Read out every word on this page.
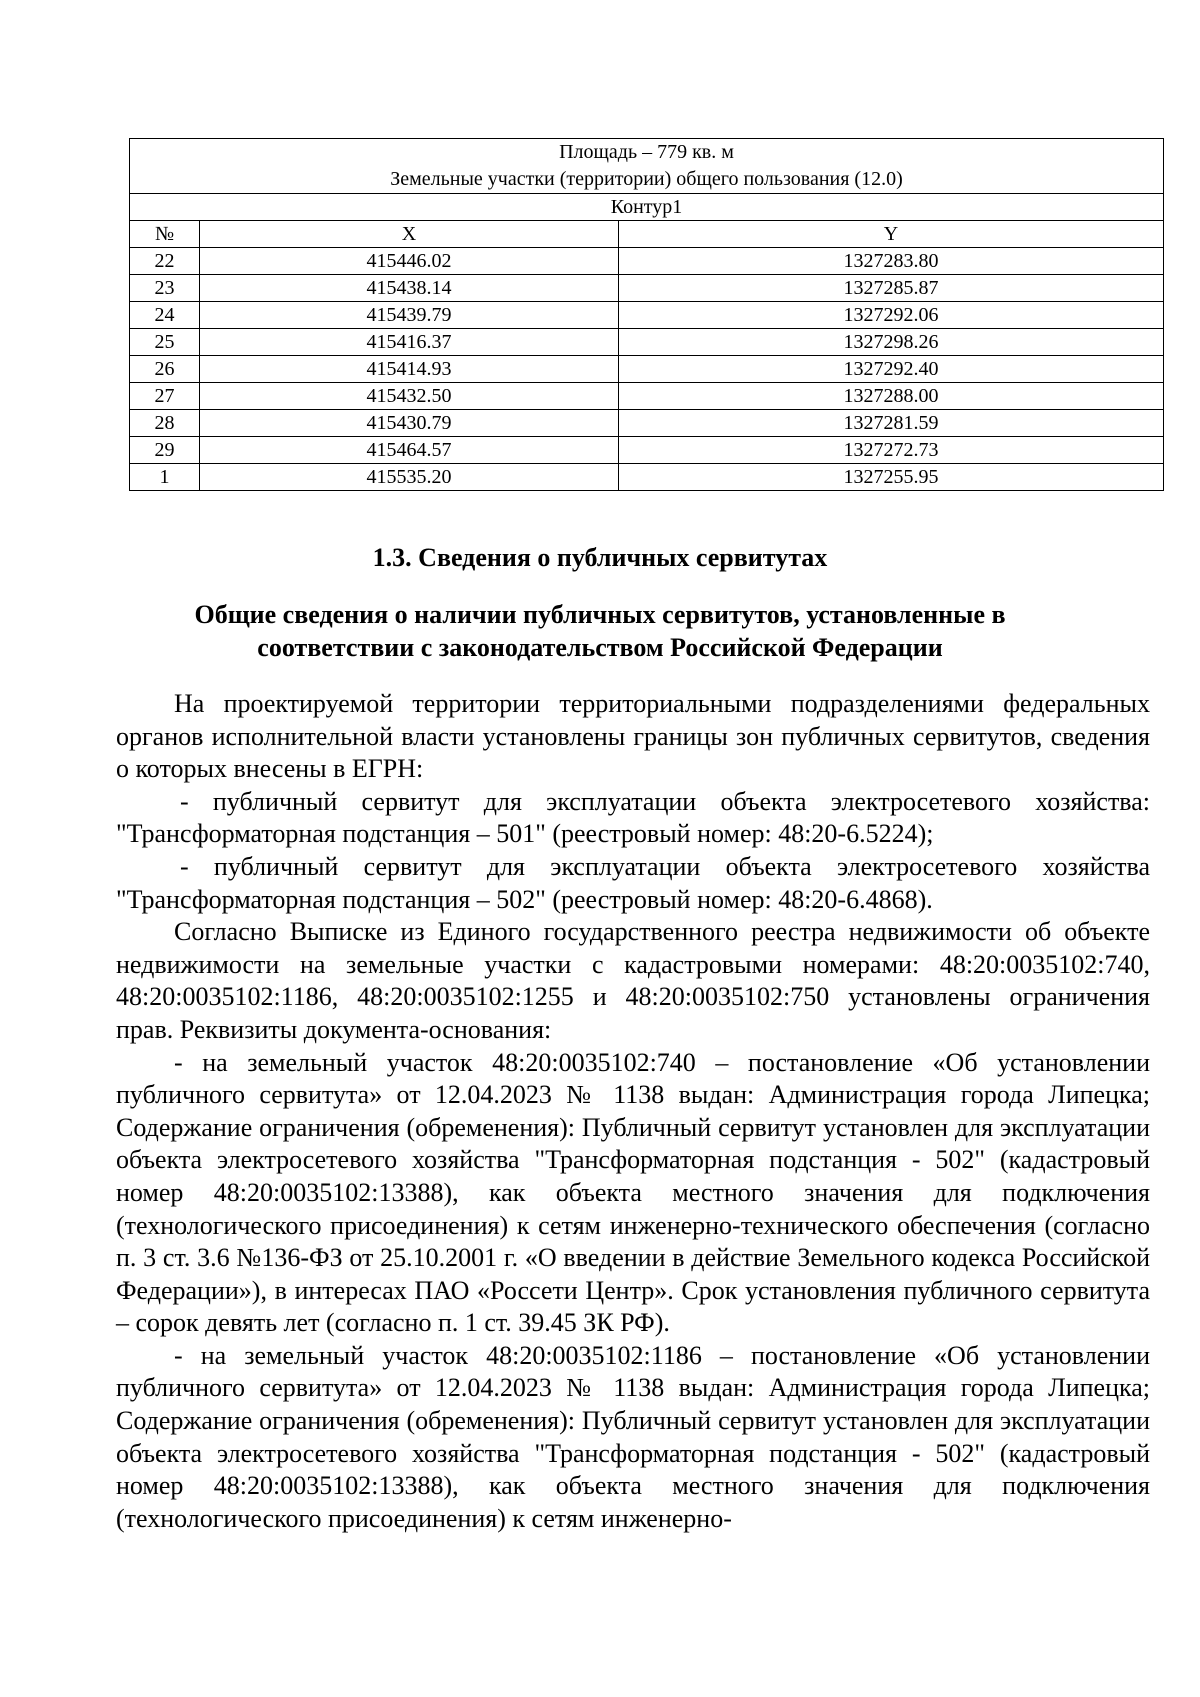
Площадь – 779 кв. м
Земельные участки (территории) общего пользования (12.0)		

Контур1		
№	X	Y
22	415446.02	1327283.80
23	415438.14	1327285.87
24	415439.79	1327292.06
25	415416.37	1327298.26
26	415414.93	1327292.40
27	415432.50	1327288.00
28	415430.79	1327281.59
29	415464.57	1327272.73
1	415535.20	1327255.95
1.3. Сведения о публичных сервитутах
Общие сведения о наличии публичных сервитутов, установленные в
соответствии с законодательством Российской Федерации

На проектируемой территории территориальными подразделениями федеральных органов исполнительной власти установлены границы зон публичных сервитутов, сведения о которых внесены в ЕГРН:

- публичный сервитут для эксплуатации объекта электросетевого хозяйства: "Трансформаторная подстанция – 501" (реестровый номер: 48:20-6.5224);

- публичный сервитут для эксплуатации объекта электросетевого хозяйства "Трансформаторная подстанция – 502" (реестровый номер: 48:20-6.4868).

Согласно Выписке из Единого государственного реестра недвижимости об объекте недвижимости на земельные участки с кадастровыми номерами: 48:20:0035102:740, 48:20:0035102:1186, 48:20:0035102:1255 и 48:20:0035102:750 установлены ограничения прав. Реквизиты документа-основания:

- на земельный участок 48:20:0035102:740 – постановление «Об установлении публичного сервитута» от 12.04.2023 № 1138 выдан: Администрация города Липецка; Содержание ограничения (обременения): Публичный сервитут установлен для эксплуатации объекта электросетевого хозяйства "Трансформаторная подстанция - 502" (кадастровый номер 48:20:0035102:13388), как объекта местного значения для подключения (технологического присоединения) к сетям инженерно-технического обеспечения (согласно п. 3 ст. 3.6 №136-ФЗ от 25.10.2001 г. «О введении в действие Земельного кодекса Российской Федерации»), в интересах ПАО «Россети Центр». Срок установления публичного сервитута – сорок девять лет (согласно п. 1 ст. 39.45 ЗК РФ).

- на земельный участок 48:20:0035102:1186 – постановление «Об установлении публичного сервитута» от 12.04.2023 № 1138 выдан: Администрация города Липецка; Содержание ограничения (обременения): Публичный сервитут установлен для эксплуатации объекта электросетевого хозяйства "Трансформаторная подстанция - 502" (кадастровый номер 48:20:0035102:13388), как объекта местного значения для подключения (технологического присоединения) к сетям инженерно-
